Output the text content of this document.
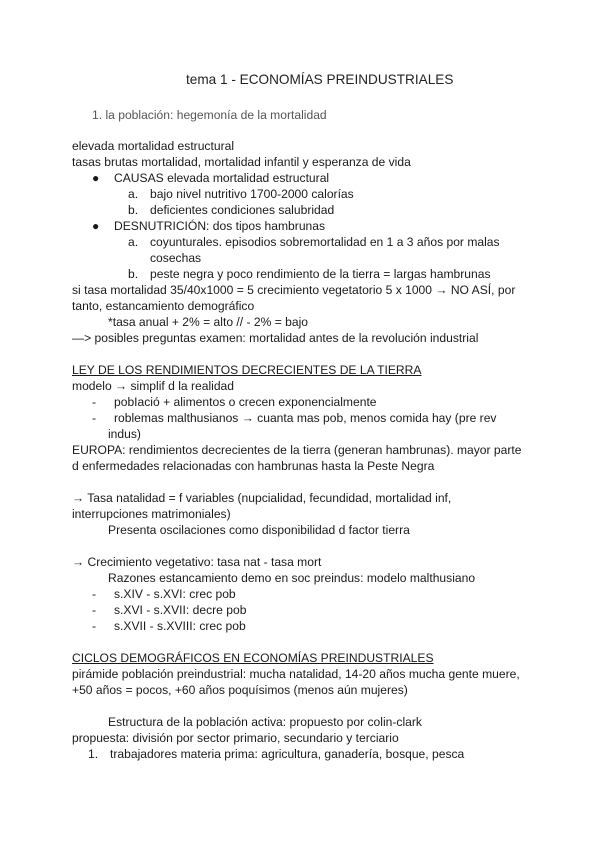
tema 1 - ECONOMÍAS PREINDUSTRIALES
1. la población: hegemonía de la mortalidad
elevada mortalidad estructural
tasas brutas mortalidad, mortalidad infantil y esperanza de vida
● CAUSAS elevada mortalidad estructural
a. bajo nivel nutritivo 1700-2000 calorías
b. deficientes condiciones salubridad
● DESNUTRICIÓN: dos tipos hambrunas
a. coyunturales. episodios sobremortalidad en 1 a 3 años por malas
cosechas
b. peste negra y poco rendimiento de la tierra = largas hambrunas
si tasa mortalidad 35/40x1000 = 5 crecimiento vegetatorio 5 x 1000 → NO ASÍ, por
tanto, estancamiento demográfico
*tasa anual + 2% = alto // - 2% = bajo
—> posibles preguntas examen: mortalidad antes de la revolución industrial
LEY DE LOS RENDIMIENTOS DECRECIENTES DE LA TIERRA
modelo → simplif d la realidad
- pobIació + alimentos o crecen exponencialmente
- roblemas malthusianos → cuanta mas pob, menos comida hay (pre rev
indus)
EUROPA: rendimientos decrecientes de la tierra (generan hambrunas). mayor parte
d enfermedades relacionadas con hambrunas hasta la Peste Negra
→ Tasa natalidad = f variables (nupcialidad, fecundidad, mortalidad inf,
interrupciones matrimoniales)
Presenta oscilaciones como disponibilidad d factor tierra
→ Crecimiento vegetativo: tasa nat - tasa mort
Razones estancamiento demo en soc preindus: modelo malthusiano
- s.XIV - s.XVI: crec pob
- s.XVI - s.XVII: decre pob
- s.XVII - s.XVIII: crec pob
CICLOS DEMOGRÁFICOS EN ECONOMÍAS PREINDUSTRIALES
pirámide población preindustrial: mucha natalidad, 14-20 años mucha gente muere,
+50 años = pocos, +60 años poquísimos (menos aún mujeres)
Estructura de la población activa: propuesto por colin-clark
propuesta: división por sector primario, secundario y terciario
1. trabajadores materia prima: agricultura, ganadería, bosque, pesca
